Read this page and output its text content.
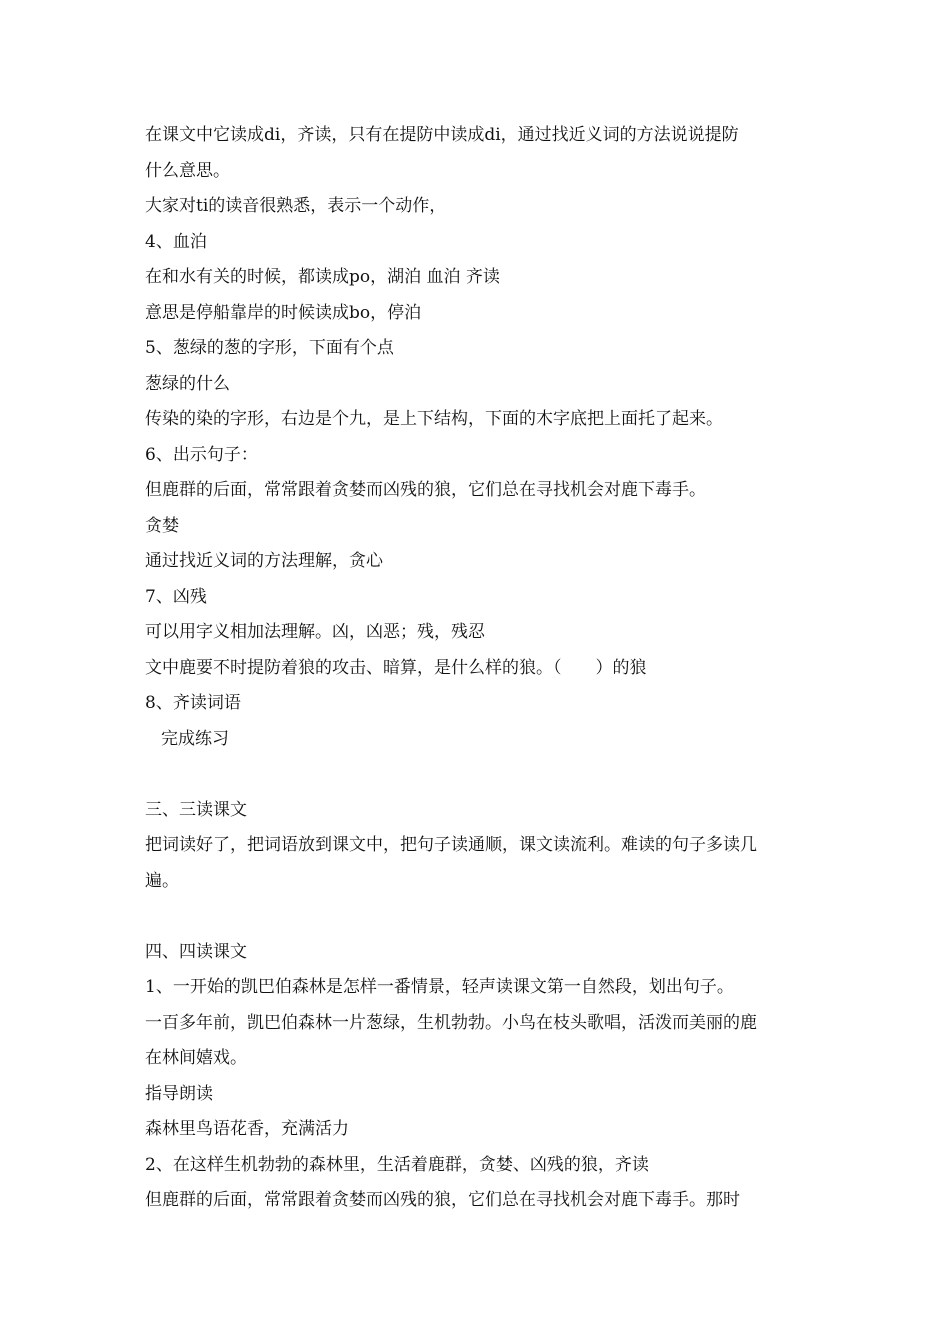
在课文中它读成di，齐读，只有在提防中读成di，通过找近义词的方法说说提防
什么意思。
大家对ti的读音很熟悉，表示一个动作，
4、血泊
在和水有关的时候，都读成po，湖泊 血泊 齐读
意思是停船靠岸的时候读成bo，停泊
5、葱绿的葱的字形，下面有个点
葱绿的什么
传染的染的字形，右边是个九，是上下结构，下面的木字底把上面托了起来。
6、出示句子：
但鹿群的后面，常常跟着贪婪而凶残的狼，它们总在寻找机会对鹿下毒手。
贪婪
通过找近义词的方法理解，贪心
7、凶残
可以用字义相加法理解。凶，凶恶；残，残忍
文中鹿要不时提防着狼的攻击、暗算，是什么样的狼。（　　）的狼
8、齐读词语
完成练习
三、三读课文
把词读好了，把词语放到课文中，把句子读通顺，课文读流利。难读的句子多读几
遍。
四、四读课文
1、一开始的凯巴伯森林是怎样一番情景，轻声读课文第一自然段，划出句子。
一百多年前，凯巴伯森林一片葱绿，生机勃勃。小鸟在枝头歌唱，活泼而美丽的鹿
在林间嬉戏。
指导朗读
森林里鸟语花香，充满活力
2、在这样生机勃勃的森林里，生活着鹿群，贪婪、凶残的狼，齐读
但鹿群的后面，常常跟着贪婪而凶残的狼，它们总在寻找机会对鹿下毒手。那时
